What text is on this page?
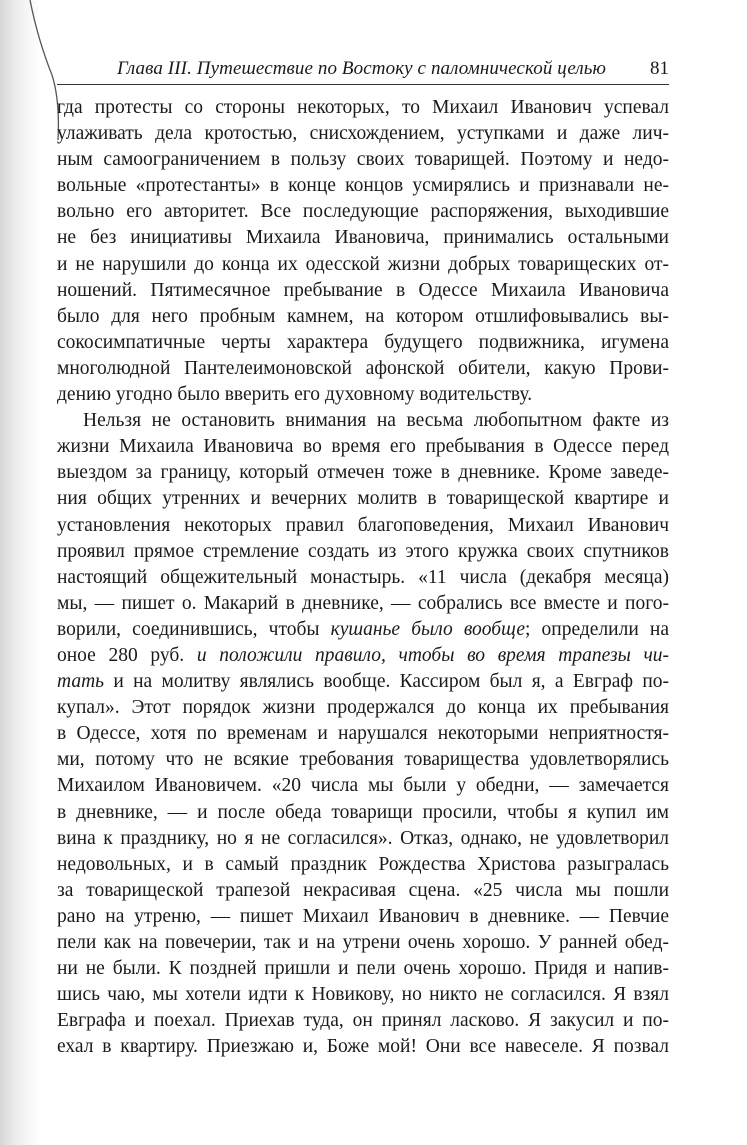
Глава III. Путешествие по Востоку с паломнической целью 81

гда протесты со стороны некоторых, то Михаил Иванович успевал
улаживать дела кротостью, снисхождением, уступками и даже лич-
ным самоограничением в пользу своих товарищей. Поэтому и недо-
вольные «протестанты» в конце концов усмирялись и признавали не-
вольно его авторитет. Все последующие распоряжения, выходившие
не без инициативы Михаила Ивановича, принимались остальными
и не нарушили до конца их одесской жизни добрых товарищеских от-
ношений. Пятимесячное пребывание в Одессе Михаила Ивановича
было для него пробным камнем, на котором отшлифовывались вы-
сокосимпатичные черты характера будущего подвижника, игумена
многолюдной Пантелеимоновской афонской обители, какую Прови-

дению угодно было вверить его духовному водительству.

Нельзя не остановить внимания на весьма любопытном факте из
жизни Михаила Ивановича во время его пребывания в Одессе перед
выездом за границу, который отмечен тоже в дневнике. Кроме заведе-
ния общих утренних и вечерних молитв в товарищеской квартире и
установления некоторых правил благоповедения, Михаил Иванович
проявил прямое стремление создать из этого кружка своих спутников
настоящий общежительный монастырь. «11 числа (декабря месяца)
мы, — пишет о. Макарий в дневнике, — собрались все вместе и пого-
ворили, соединившись, чтобы кушанье было вообще; определили на
оное 280 руб. и положили правило, чтобы во время трапезы чи-
тать и на молитву являлись вообще. Кассиром был я, а Евграф по-
купал». Этот порядок жизни продержался до конца их пребывания
в Одессе, хотя по временам и нарушался некоторыми неприятностя-
ми, потому что не всякие требования товарищества удовлетворялись
Михаилом Ивановичем. «20 числа мы были у обедни, — замечается
в дневнике, — и после обеда товарищи просили, чтобы я купил им
вина к празднику, но я не согласился». Отказ, однако, не удовлетворил
недовольных, и в самый праздник Рождества Христова разыгралась
за товарищеской трапезой некрасивая сцена. «25 числа мы пошли
рано на утреню, — пишет Михаил Иванович в дневнике. — Певчие
пели как на повечерии, так и на утрени очень хорошо. У ранней обед-
ни не были. К поздней пришли и пели очень хорошо. Придя и напив-
шись чаю, мы хотели идти к Новикову, но никто не согласился. Я взял
Евграфа и поехал. Приехав туда, он принял ласково. Я закусил и по-
ехал в квартиру. Приезжаю и, Боже мой! Они все навеселе. Я позвал
